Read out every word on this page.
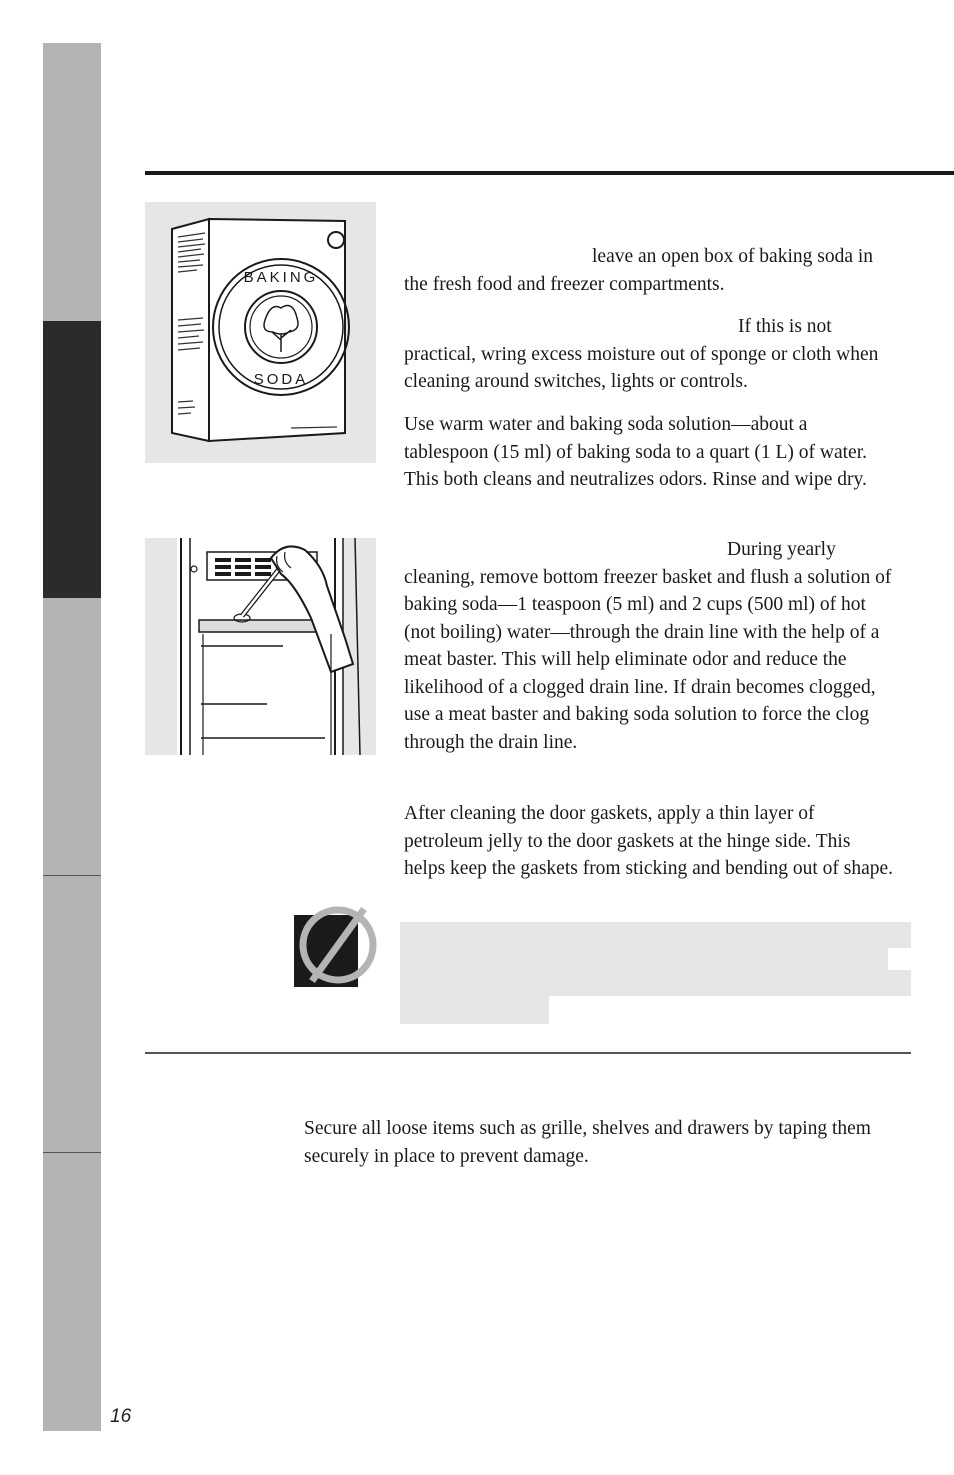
BAKING
SODA

leave an open box of baking soda in the fresh food and freezer compartments.

If this is not practical, wring excess moisture out of sponge or cloth when cleaning around switches, lights or controls.

Use warm water and baking soda solution—about a tablespoon (15 ml) of baking soda to a quart (1 L) of water. This both cleans and neutralizes odors. Rinse and wipe dry.

During yearly cleaning, remove bottom freezer basket and flush a solution of baking soda—1 teaspoon (5 ml) and 2 cups (500 ml) of hot (not boiling) water—through the drain line with the help of a meat baster. This will help eliminate odor and reduce the likelihood of a clogged drain line. If drain becomes clogged, use a meat baster and baking soda solution to force the clog through the drain line.

After cleaning the door gaskets, apply a thin layer of petroleum jelly to the door gaskets at the hinge side. This helps keep the gaskets from sticking and bending out of shape.

Secure all loose items such as grille, shelves and drawers by taping them securely in place to prevent damage.

16
